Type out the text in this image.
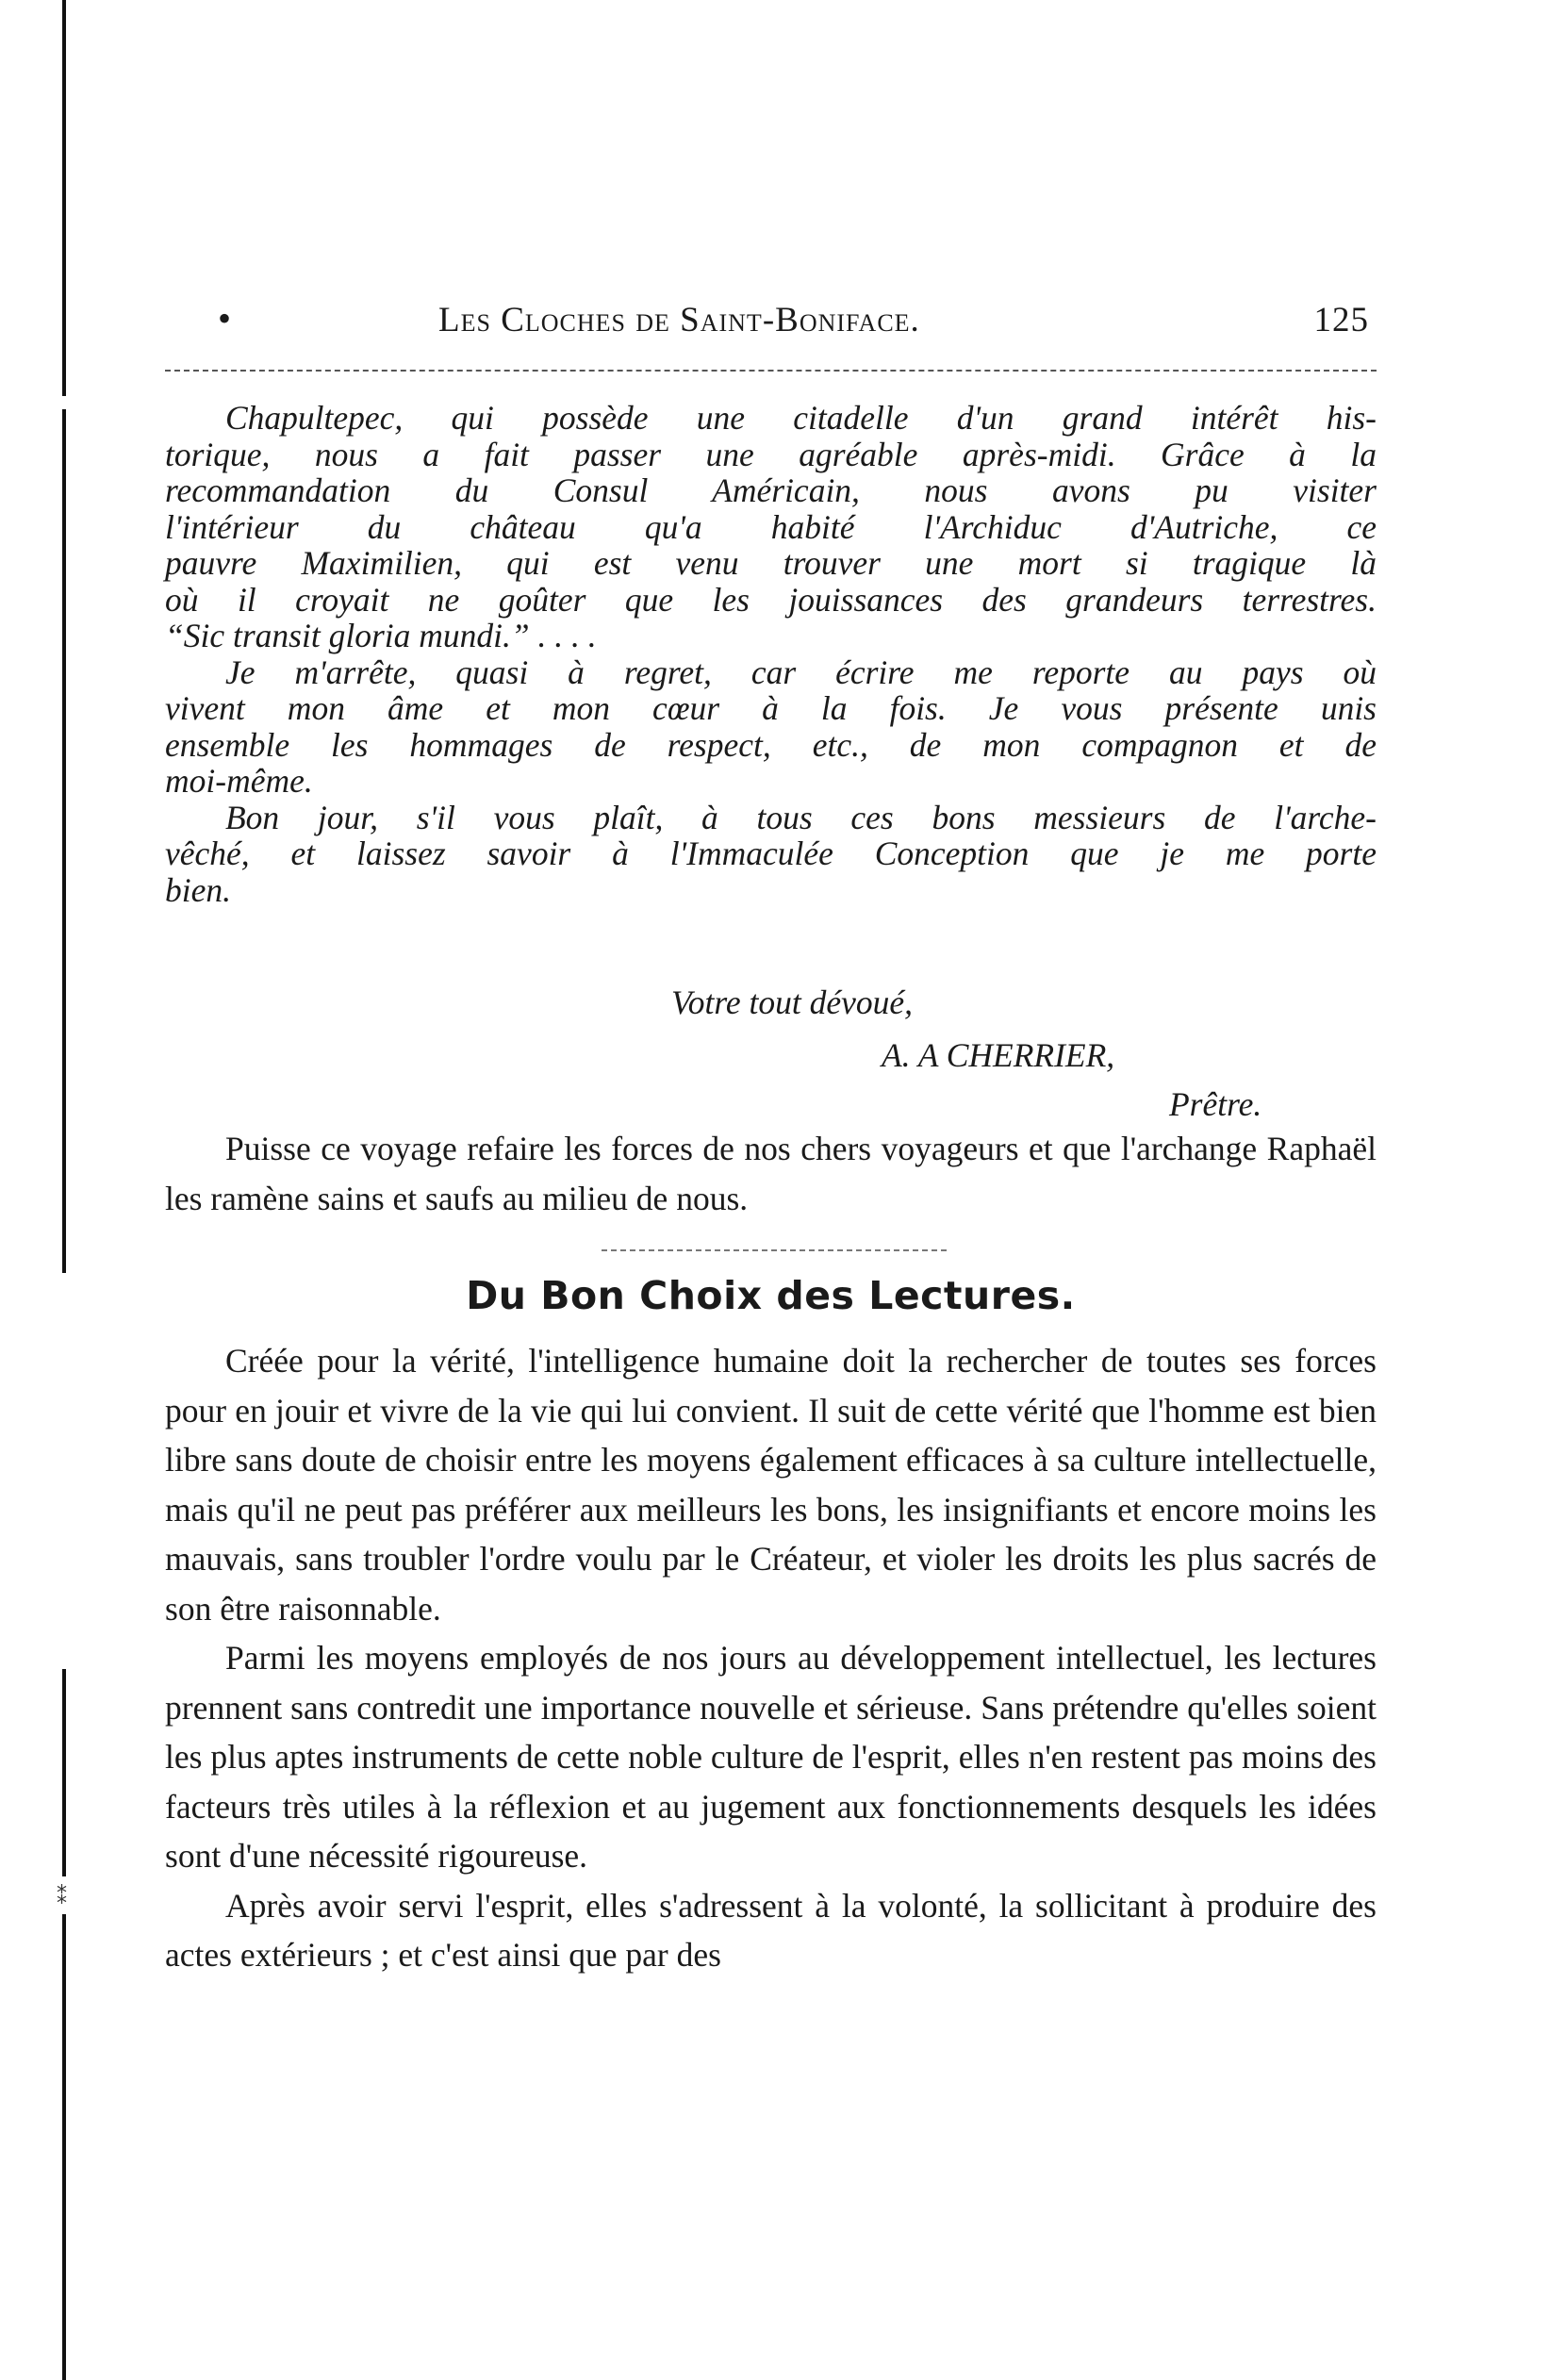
⁑
•	Les Cloches de Saint-Boniface.	125
Chapultepec, qui possède une citadelle d'un grand intérêt his-
torique, nous a fait passer une agréable après-midi. Grâce à la
recommandation du Consul Américain, nous avons pu visiter
l'intérieur du château qu'a habité l'Archiduc d'Autriche, ce
pauvre Maximilien, qui est venu trouver une mort si tragique là
où il croyait ne goûter que les jouissances des grandeurs terrestres.
“Sic transit gloria mundi.” . . . .
Je m'arrête, quasi à regret, car écrire me reporte au pays où
vivent mon âme et mon cœur à la fois. Je vous présente unis
ensemble les hommages de respect, etc., de mon compagnon et de
moi-même.
Bon jour, s'il vous plaît, à tous ces bons messieurs de l'arche-
vêché, et laissez savoir à l'Immaculée Conception que je me porte
bien.
Votre tout dévoué,
A. A CHERRIER,
Prêtre.
Puisse ce voyage refaire les forces de nos chers voyageurs et que l'archange Raphaël les ramène sains et saufs au milieu de nous.
Du Bon Choix des Lectures.
Créée pour la vérité, l'intelligence humaine doit la rechercher de toutes ses forces pour en jouir et vivre de la vie qui lui convient. Il suit de cette vérité que l'homme est bien libre sans doute de choisir entre les moyens également efficaces à sa culture intellectuelle, mais qu'il ne peut pas préférer aux meilleurs les bons, les insignifiants et encore moins les mauvais, sans troubler l'ordre voulu par le Créateur, et violer les droits les plus sacrés de son être raisonnable.
Parmi les moyens employés de nos jours au développement intellectuel, les lectures prennent sans contredit une importance nouvelle et sérieuse. Sans prétendre qu'elles soient les plus aptes instruments de cette noble culture de l'esprit, elles n'en restent pas moins des facteurs très utiles à la réflexion et au jugement aux fonctionnements desquels les idées sont d'une nécessité rigoureuse.
Après avoir servi l'esprit, elles s'adressent à la volonté, la sollicitant à produire des actes extérieurs ; et c'est ainsi que par des
